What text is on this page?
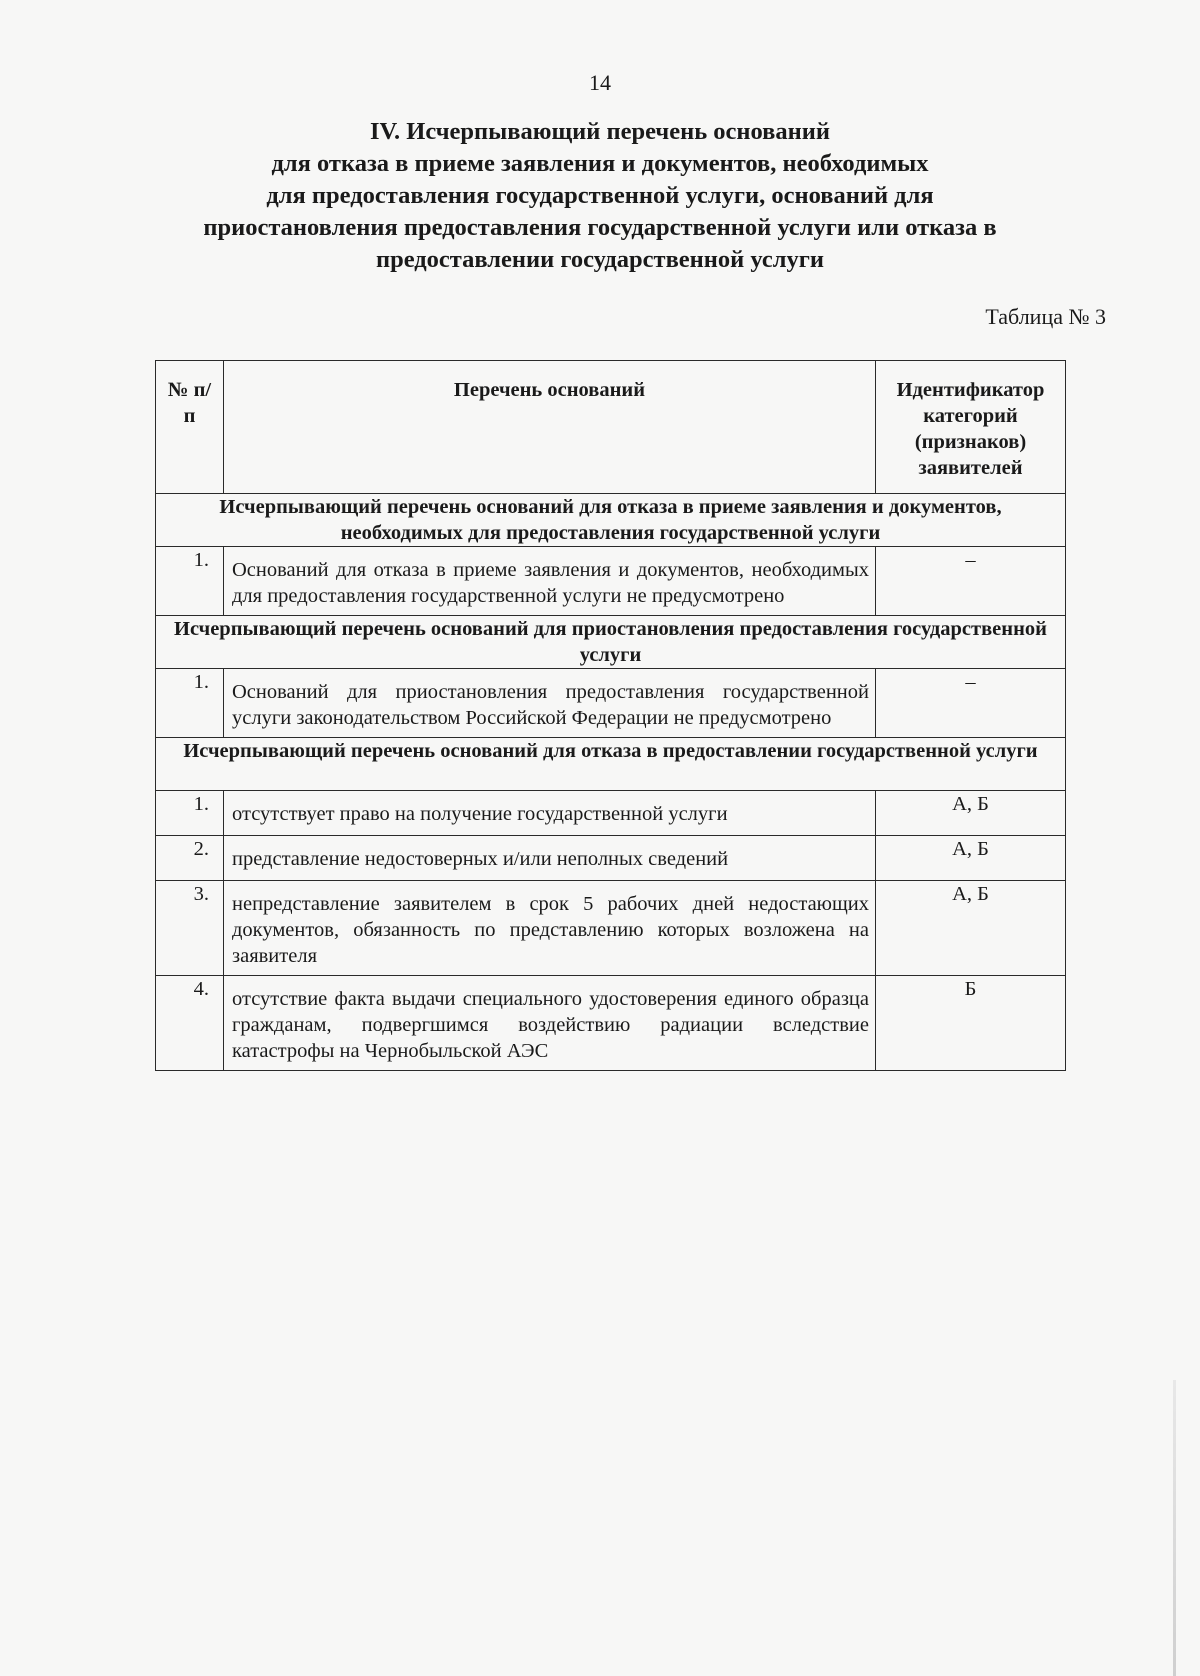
14
IV. Исчерпывающий перечень оснований
для отказа в приеме заявления и документов, необходимых
для предоставления государственной услуги, оснований для
приостановления предоставления государственной услуги или отказа в
предоставлении государственной услуги
Таблица № 3
№ п/п	Перечень оснований	Идентификатор категорий (признаков) заявителей
Исчерпывающий перечень оснований для отказа в приеме заявления и документов, необходимых для предоставления государственной услуги		
1.	Оснований для отказа в приеме заявления и документов, необходимых для предоставления государственной услуги не предусмотрено	–
Исчерпывающий перечень оснований для приостановления предоставления государственной услуги		
1.	Оснований для приостановления предоставления государственной услуги законодательством Российской Федерации не предусмотрено	–
Исчерпывающий перечень оснований для отказа в предоставлении государственной услуги		
1.	отсутствует право на получение государственной услуги	А, Б
2.	представление недостоверных и/или неполных сведений	А, Б
3.	непредставление заявителем в срок 5 рабочих дней недостающих документов, обязанность по представлению которых возложена на заявителя	А, Б
4.	отсутствие факта выдачи специального удостоверения единого образца гражданам, подвергшимся воздействию радиации вследствие катастрофы на Чернобыльской АЭС	Б
